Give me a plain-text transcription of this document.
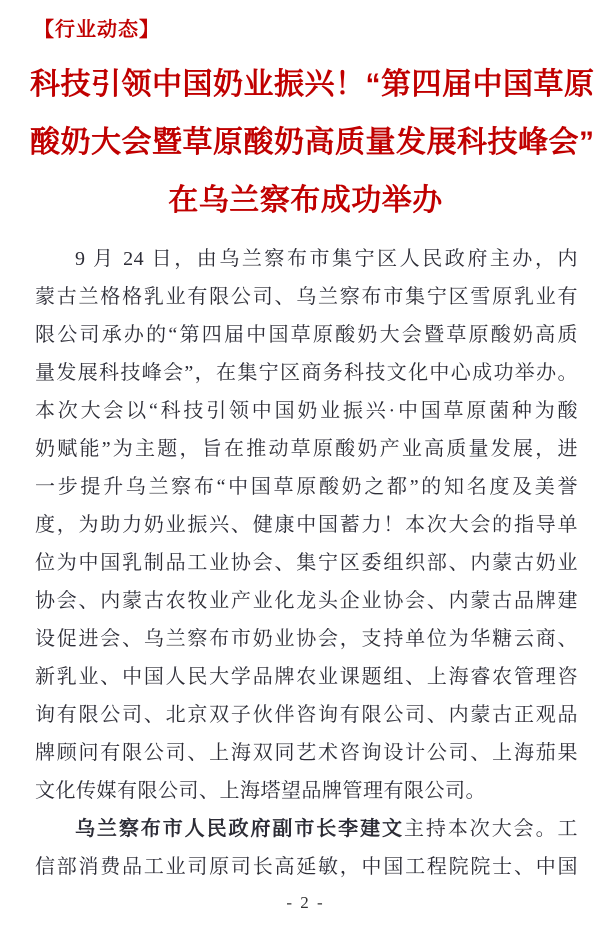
【行业动态】
科技引领中国奶业振兴！“第四届中国草原
酸奶大会暨草原酸奶高质量发展科技峰会”
在乌兰察布成功举办
9 月 24 日，由乌兰察布市集宁区人民政府主办，内
蒙古兰格格乳业有限公司、乌兰察布市集宁区雪原乳业有
限公司承办的“第四届中国草原酸奶大会暨草原酸奶高质
量发展科技峰会”，在集宁区商务科技文化中心成功举办。
本次大会以“科技引领中国奶业振兴·中国草原菌种为酸
奶赋能”为主题，旨在推动草原酸奶产业高质量发展，进
一步提升乌兰察布“中国草原酸奶之都”的知名度及美誉
度，为助力奶业振兴、健康中国蓄力！本次大会的指导单
位为中国乳制品工业协会、集宁区委组织部、内蒙古奶业
协会、内蒙古农牧业产业化龙头企业协会、内蒙古品牌建
设促进会、乌兰察布市奶业协会，支持单位为华糖云商、
新乳业、中国人民大学品牌农业课题组、上海睿农管理咨
询有限公司、北京双子伙伴咨询有限公司、内蒙古正观品
牌顾问有限公司、上海双同艺术咨询设计公司、上海茄果
文化传媒有限公司、上海塔望品牌管理有限公司。
乌兰察布市人民政府副市长李建文主持本次大会。工
信部消费品工业司原司长高延敏，中国工程院院士、中国
- 2 -
